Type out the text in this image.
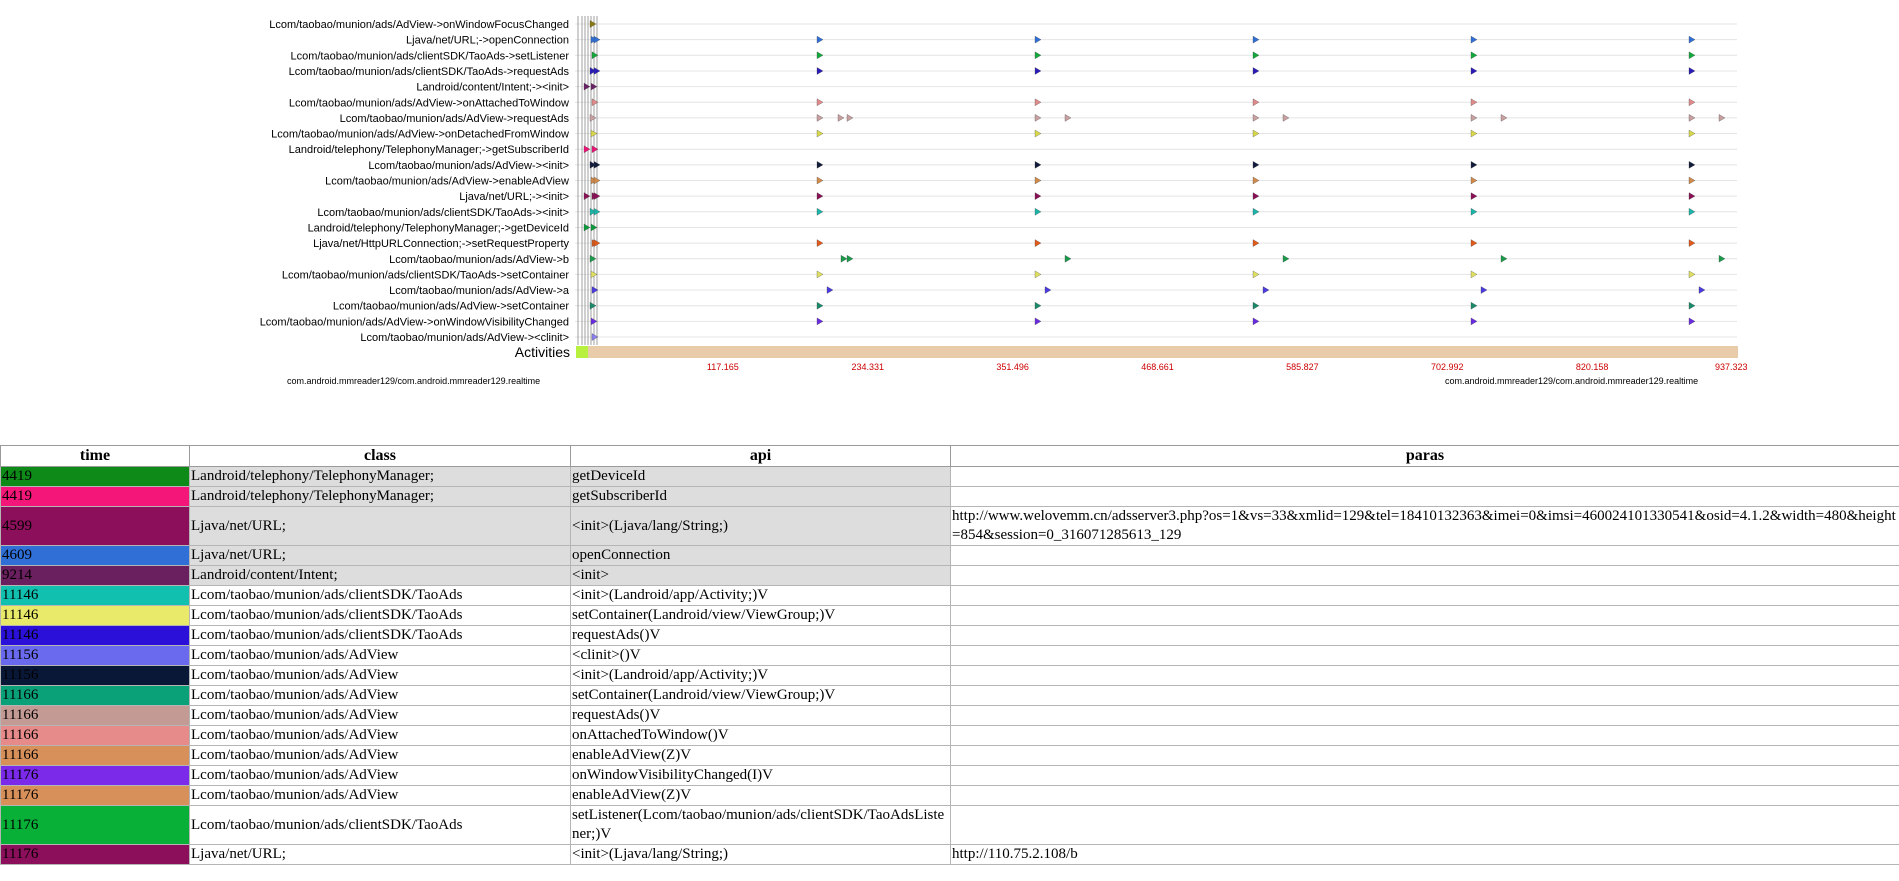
Lcom/taobao/munion/ads/AdView->onWindowFocusChanged
Ljava/net/URL;->openConnection
Lcom/taobao/munion/ads/clientSDK/TaoAds->setListener
Lcom/taobao/munion/ads/clientSDK/TaoAds->requestAds
Landroid/content/Intent;-><init>
Lcom/taobao/munion/ads/AdView->onAttachedToWindow
Lcom/taobao/munion/ads/AdView->requestAds
Lcom/taobao/munion/ads/AdView->onDetachedFromWindow
Landroid/telephony/TelephonyManager;->getSubscriberId
Lcom/taobao/munion/ads/AdView-><init>
Lcom/taobao/munion/ads/AdView->enableAdView
Ljava/net/URL;-><init>
Lcom/taobao/munion/ads/clientSDK/TaoAds-><init>
Landroid/telephony/TelephonyManager;->getDeviceId
Ljava/net/HttpURLConnection;->setRequestProperty
Lcom/taobao/munion/ads/AdView->b
Lcom/taobao/munion/ads/clientSDK/TaoAds->setContainer
Lcom/taobao/munion/ads/AdView->a
Lcom/taobao/munion/ads/AdView->setContainer
Lcom/taobao/munion/ads/AdView->onWindowVisibilityChanged
Lcom/taobao/munion/ads/AdView-><clinit>
Activities
117.165	234.331	351.496	468.661	585.827	702.992	820.158
com.android.mmreader129/com.android.mmreader129.realtime
com.android.mmreader129/com.android.mmreader129.realtime
937.323
time	class	api	paras
4419	Landroid/telephony/TelephonyManager;	getDeviceId	
4419	Landroid/telephony/TelephonyManager;	getSubscriberId	
4599	Ljava/net/URL;	<init>(Ljava/lang/String;)	http://www.welovemm.cn/adsserver3.php?os=1&vs=33&xmlid=129&tel=18410132363&imei=0&imsi=460024101330541&osid=4.1.2&width=480&height=854&session=0_316071285613_129
4609	Ljava/net/URL;	openConnection	
9214	Landroid/content/Intent;	<init>	
11146	Lcom/taobao/munion/ads/clientSDK/TaoAds	<init>(Landroid/app/Activity;)V	
11146	Lcom/taobao/munion/ads/clientSDK/TaoAds	setContainer(Landroid/view/ViewGroup;)V	
11146	Lcom/taobao/munion/ads/clientSDK/TaoAds	requestAds()V	
11156	Lcom/taobao/munion/ads/AdView	<clinit>()V	
11156	Lcom/taobao/munion/ads/AdView	<init>(Landroid/app/Activity;)V	
11166	Lcom/taobao/munion/ads/AdView	setContainer(Landroid/view/ViewGroup;)V	
11166	Lcom/taobao/munion/ads/AdView	requestAds()V	
11166	Lcom/taobao/munion/ads/AdView	onAttachedToWindow()V	
11166	Lcom/taobao/munion/ads/AdView	enableAdView(Z)V	
11176	Lcom/taobao/munion/ads/AdView	onWindowVisibilityChanged(I)V	
11176	Lcom/taobao/munion/ads/AdView	enableAdView(Z)V	
11176	Lcom/taobao/munion/ads/clientSDK/TaoAds	setListener(Lcom/taobao/munion/ads/clientSDK/TaoAdsListener;)V	
11176	Ljava/net/URL;	<init>(Ljava/lang/String;)	http://110.75.2.108/b
